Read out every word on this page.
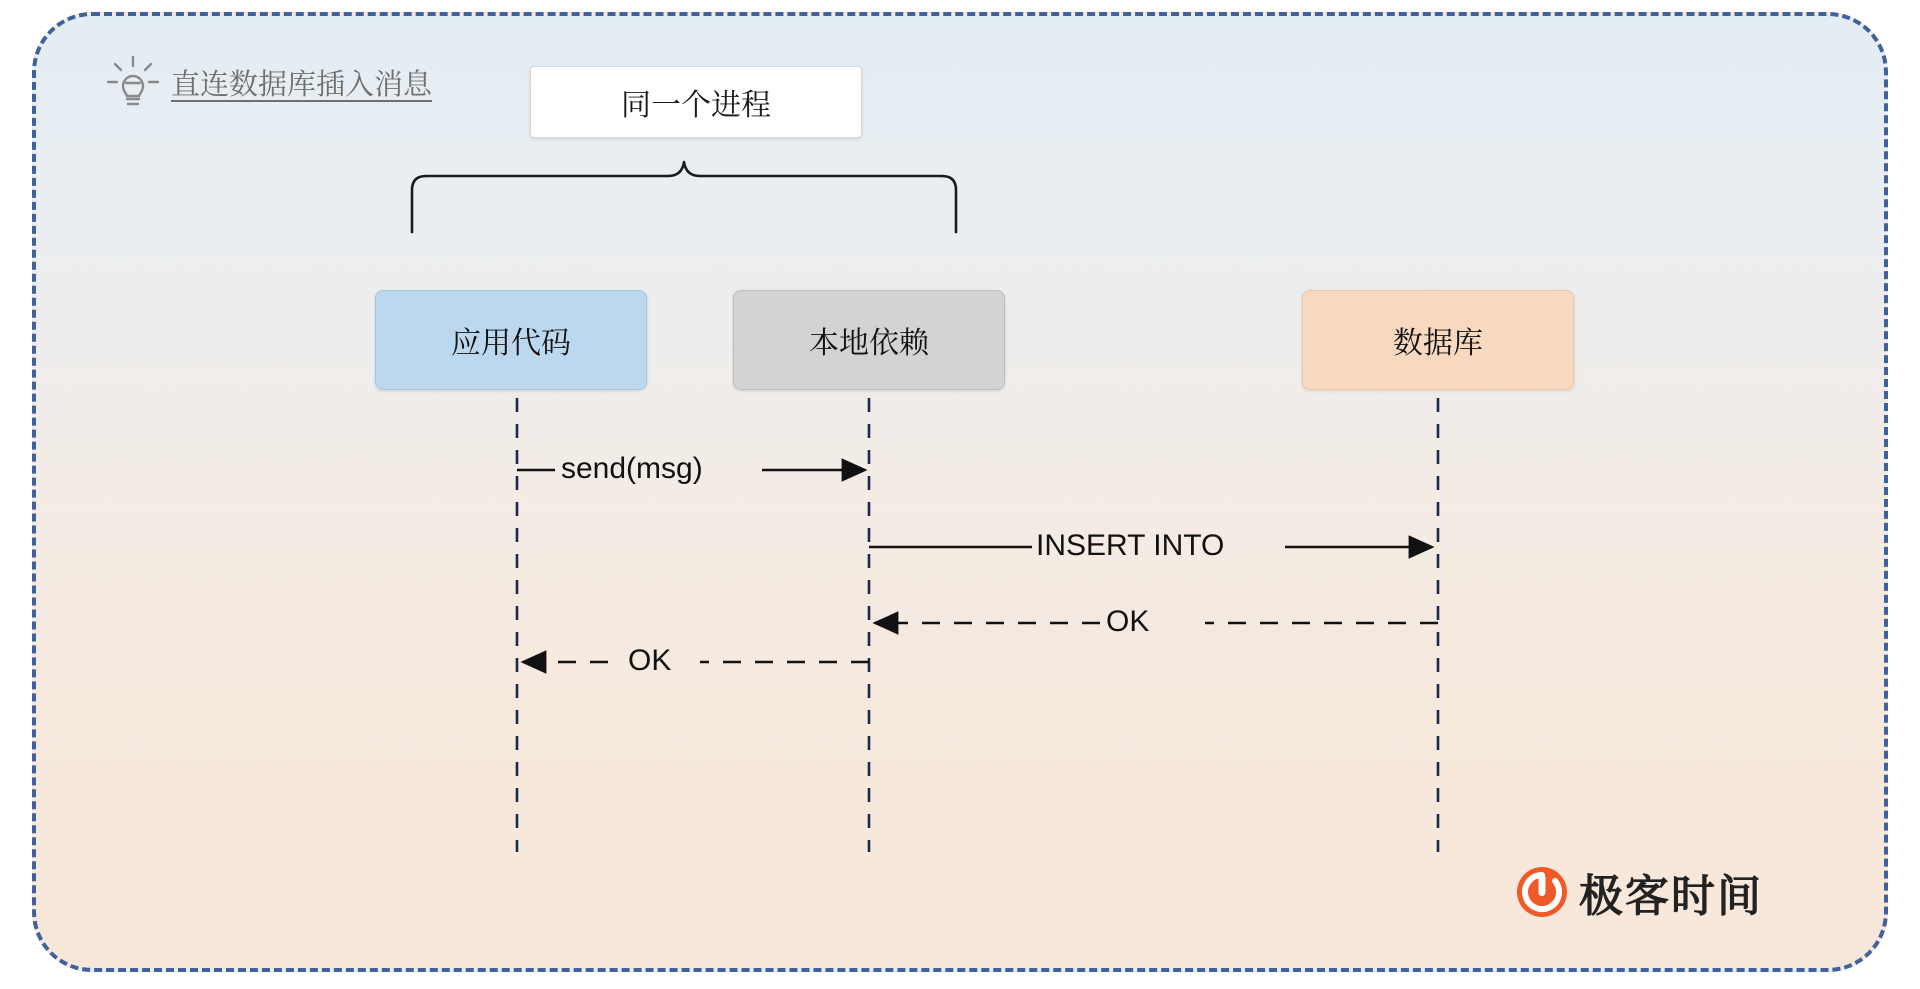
直连数据库插入消息
同一个进程
应用代码	本地依赖	数据库
send(msg)
INSERT INTO
OK
OK
极客时间
